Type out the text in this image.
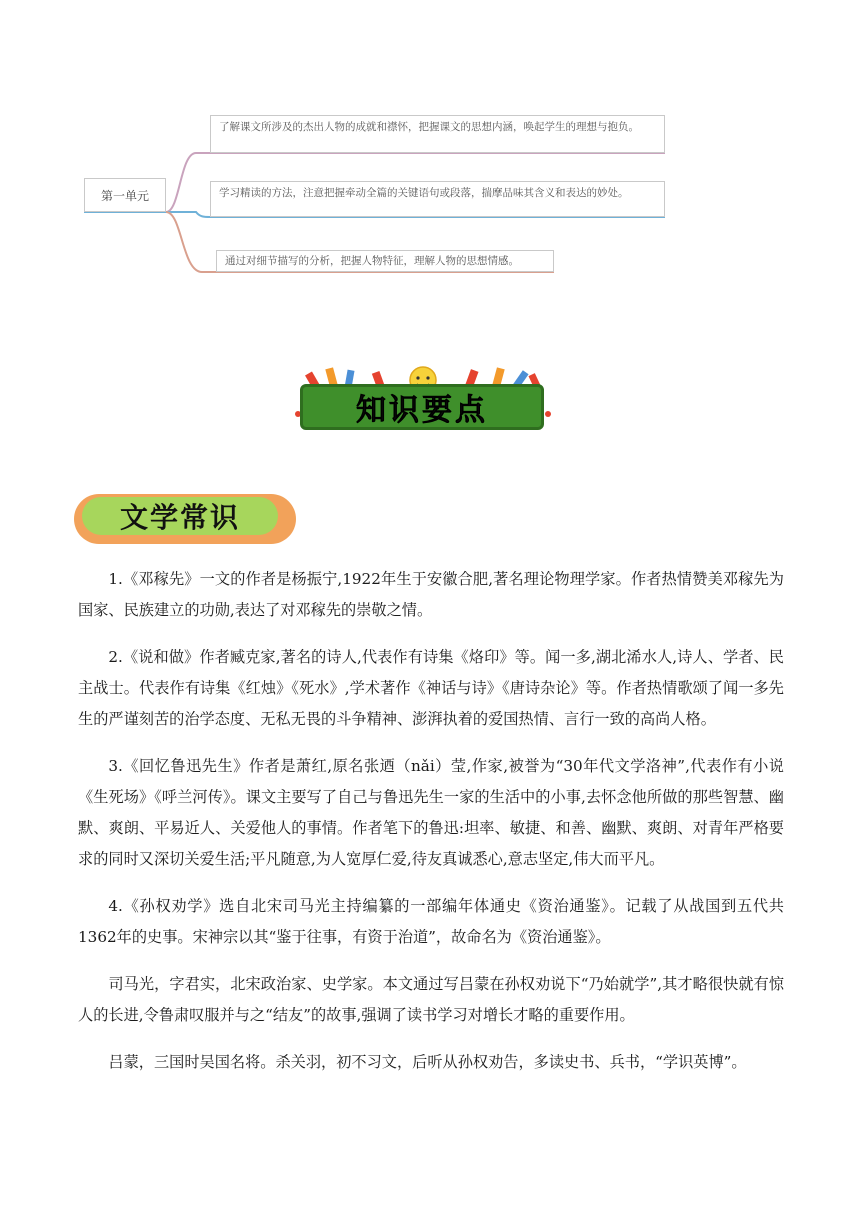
第一单元
了解课文所涉及的杰出人物的成就和襟怀，把握课文的思想内涵，唤起学生的理想与抱负。
学习精读的方法，注意把握牵动全篇的关键语句或段落，揣摩品味其含义和表达的妙处。
通过对细节描写的分析，把握人物特征，理解人物的思想情感。
知识要点
文学常识

1.《邓稼先》一文的作者是杨振宁,1922年生于安徽合肥,著名理论物理学家。作者热情赞美邓稼先为国家、民族建立的功勋,表达了对邓稼先的崇敬之情。

2.《说和做》作者臧克家,著名的诗人,代表作有诗集《烙印》等。闻一多,湖北浠水人,诗人、学者、民主战士。代表作有诗集《红烛》《死水》,学术著作《神话与诗》《唐诗杂论》等。作者热情歌颂了闻一多先生的严谨刻苦的治学态度、无私无畏的斗争精神、澎湃执着的爱国热情、言行一致的高尚人格。

3.《回忆鲁迅先生》作者是萧红,原名张迺（nǎi）莹,作家,被誉为“30年代文学洛神”,代表作有小说《生死场》《呼兰河传》。课文主要写了自己与鲁迅先生一家的生活中的小事,去怀念他所做的那些智慧、幽默、爽朗、平易近人、关爱他人的事情。作者笔下的鲁迅:坦率、敏捷、和善、幽默、爽朗、对青年严格要求的同时又深切关爱生活;平凡随意,为人宽厚仁爱,待友真诚悉心,意志坚定,伟大而平凡。

4.《孙权劝学》选自北宋司马光主持编纂的一部编年体通史《资治通鉴》。记载了从战国到五代共1362年的史事。宋神宗以其“鉴于往事，有资于治道”，故命名为《资治通鉴》。

司马光，字君实，北宋政治家、史学家。本文通过写吕蒙在孙权劝说下“乃始就学”,其才略很快就有惊人的长进,令鲁肃叹服并与之“结友”的故事,强调了读书学习对增长才略的重要作用。

吕蒙，三国时吴国名将。杀关羽，初不习文，后听从孙权劝告，多读史书、兵书，“学识英博”。
